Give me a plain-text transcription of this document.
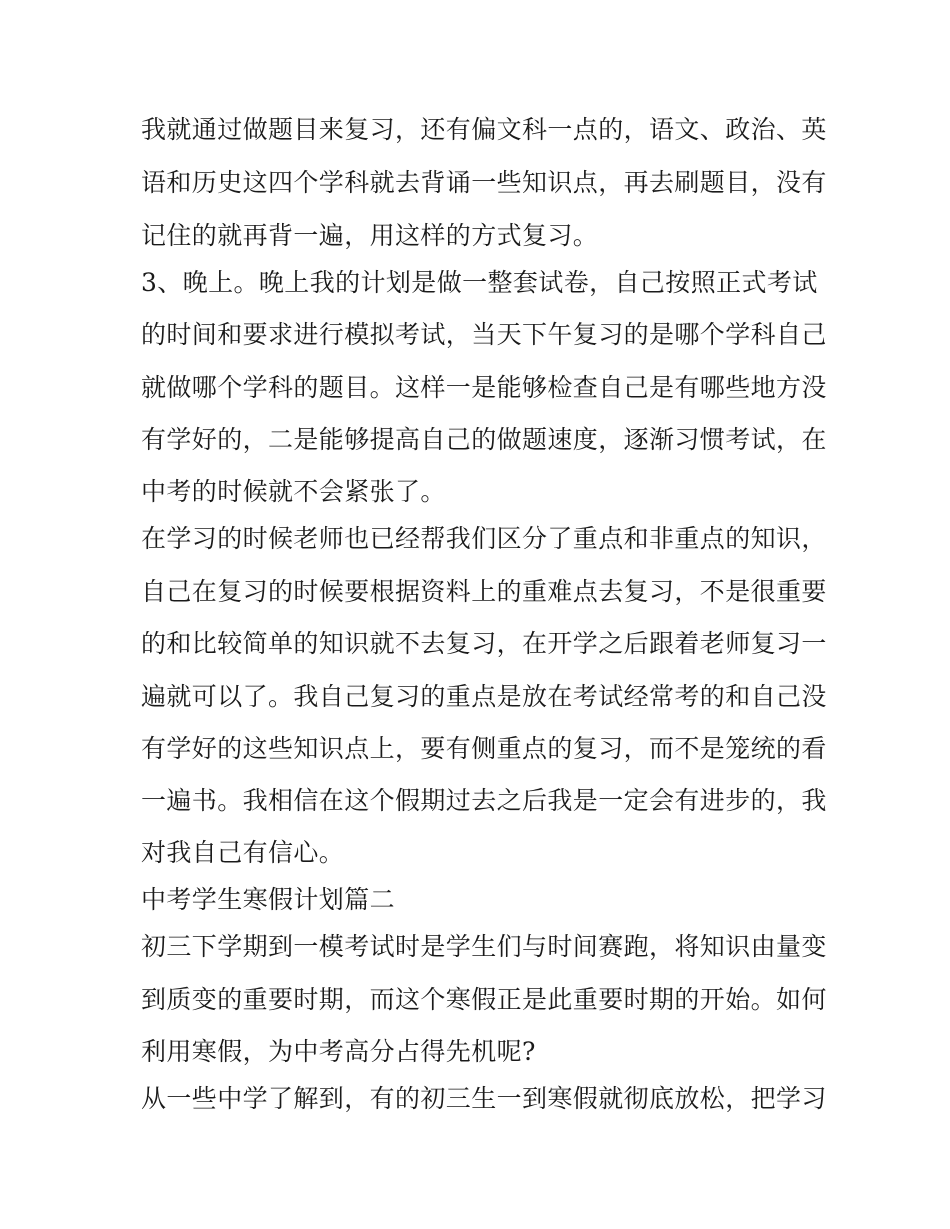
我就通过做题目来复习，还有偏文科一点的，语文、政治、英

语和历史这四个学科就去背诵一些知识点，再去刷题目，没有

记住的就再背一遍，用这样的方式复习。

3、晚上。晚上我的计划是做一整套试卷，自己按照正式考试

的时间和要求进行模拟考试，当天下午复习的是哪个学科自己

就做哪个学科的题目。这样一是能够检查自己是有哪些地方没

有学好的，二是能够提高自己的做题速度，逐渐习惯考试，在

中考的时候就不会紧张了。

在学习的时候老师也已经帮我们区分了重点和非重点的知识，

自己在复习的时候要根据资料上的重难点去复习，不是很重要

的和比较简单的知识就不去复习，在开学之后跟着老师复习一

遍就可以了。我自己复习的重点是放在考试经常考的和自己没

有学好的这些知识点上，要有侧重点的复习，而不是笼统的看

一遍书。我相信在这个假期过去之后我是一定会有进步的，我

对我自己有信心。

中考学生寒假计划篇二

初三下学期到一模考试时是学生们与时间赛跑，将知识由量变

到质变的重要时期，而这个寒假正是此重要时期的开始。如何

利用寒假，为中考高分占得先机呢?

从一些中学了解到，有的初三生一到寒假就彻底放松，把学习
